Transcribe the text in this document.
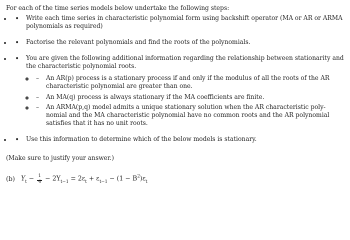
For each of the time series models below undertake the following steps:

• • Write each time series in characteristic polynomial form using backshift operator (MA or AR or ARMA polynomials as required)
• • Factorise the relevant polynomials and find the roots of the polynomials.
• • You are given the following additional information regarding the relationship between stationarity and the characteristic polynomial roots.
– ◦ An AR(p) process is a stationary process if and only if the modulus of all the roots of the AR characteristic polynomial are greater than one.
– ◦ An MA(q) process is always stationary if the MA coefficients are finite.
– ◦ An ARMA(p,q) model admits a unique stationary solution when the AR characteristic poly-nomial and the MA characteristic polynomial have no common roots and the AR polynomial satisfies that it has no unit roots.
• • Use this information to determine which of the below models is stationary.

(Make sure to justify your answer.)

(b) $Y_t - \frac{1}{4} - 2Y_{t-1} = 2\varepsilon_t + \varepsilon_{t-1} - (1 - B^2)\varepsilon_t$
